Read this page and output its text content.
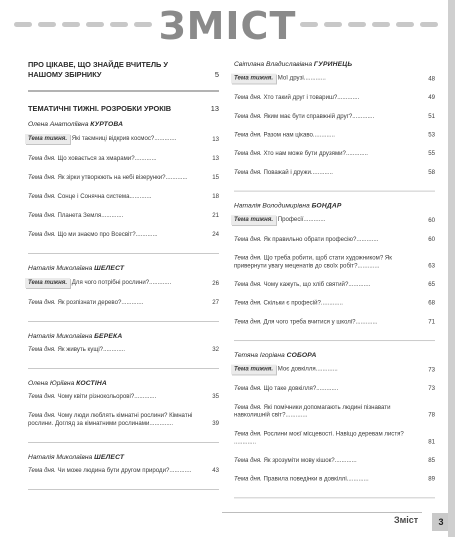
ЗМІСТ
ПРО ЦІКАВЕ, ЩО ЗНАЙДЕ ВЧИТЕЛЬ У НАШОМУ ЗБІРНИКУ	5
ТЕМАТИЧНІ ТИЖНІ. РОЗРОБКИ УРОКІВ	13
Олена Анатоліївна КУРТОВА
Тема тижня. Які таємниці відкрив космос?.............	13
Тема дня. Що ховається за хмарами?.............	13
Тема дня. Як зірки утворюють на небі візерунки?.............	15
Тема дня. Сонце і Сонячна система.............	18
Тема дня. Планета Земля.............	21
Тема дня. Що ми знаємо про Всесвіт?.............	24
Наталія Миколаївна ШЕЛЕСТ
Тема тижня. Для чого потрібні рослини?.............	26
Тема дня. Як розпізнати дерево?.............	27
Наталія Миколаївна БЕРЕКА
Тема дня. Як живуть кущі?.............	32
Олена Юріївна КОСТІНА
Тема дня. Чому квіти різнокольорові?.............	35
Тема дня. Чому люди люблять кімнатні рослини? Кімнатні рослини. Догляд за кімнатними рослинами..............	39
Наталія Миколаївна ШЕЛЕСТ
Тема дня. Чи може людина бути другом природи?.............	43
Світлана Владиславівна ГУРИНЕЦЬ
Тема тижня. Мої друзі.............	48
Тема дня. Хто такий друг і товариш?.............	49
Тема дня. Яким має бути справжній друг?.............	51
Тема дня. Разом нам цікаво.............	53
Тема дня. Хто нам може бути друзями?.............	55
Тема дня. Поважай і дружи.............	58
Наталія Володимирівна БОНДАР
Тема тижня. Професії.............	60
Тема дня. Як правильно обрати професію?.............	60
Тема дня. Що треба робити, щоб стати художником? Як привернути увагу меценатів до своїх робіт?.............	63
Тема дня. Чому кажуть, що хліб святий?.............	65
Тема дня. Скільки є професій?.............	68
Тема дня. Для чого треба вчитися у школі?.............	71
Тетяна Ігорівна СОБОРА
Тема тижня. Моє довкілля.............	73
Тема дня. Що таке довкілля?.............	73
Тема дня. Які помічники допомагають людині пізнавати навколишній світ?.............	78
Тема дня. Рослини моєї місцевості. Навіщо деревам листя?.............	81
Тема дня. Як зрозуміти мову кішок?.............	85
Тема дня. Правила поведінки в довкіллі.............	89
Зміст	3
